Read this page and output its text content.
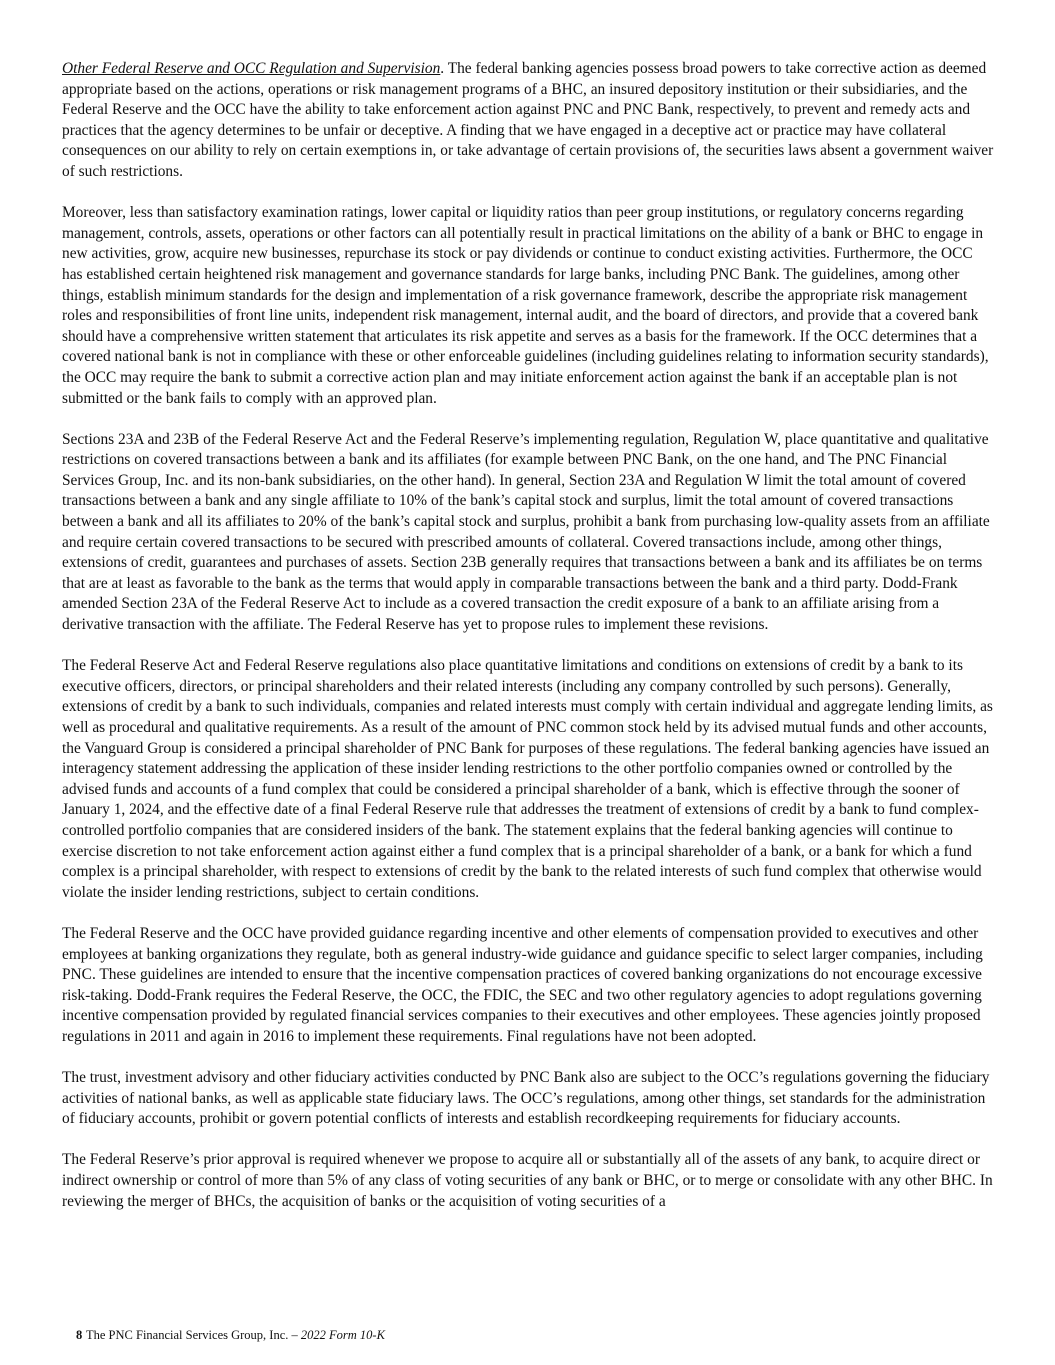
Other Federal Reserve and OCC Regulation and Supervision. The federal banking agencies possess broad powers to take corrective action as deemed appropriate based on the actions, operations or risk management programs of a BHC, an insured depository institution or their subsidiaries, and the Federal Reserve and the OCC have the ability to take enforcement action against PNC and PNC Bank, respectively, to prevent and remedy acts and practices that the agency determines to be unfair or deceptive. A finding that we have engaged in a deceptive act or practice may have collateral consequences on our ability to rely on certain exemptions in, or take advantage of certain provisions of, the securities laws absent a government waiver of such restrictions.

Moreover, less than satisfactory examination ratings, lower capital or liquidity ratios than peer group institutions, or regulatory concerns regarding management, controls, assets, operations or other factors can all potentially result in practical limitations on the ability of a bank or BHC to engage in new activities, grow, acquire new businesses, repurchase its stock or pay dividends or continue to conduct existing activities. Furthermore, the OCC has established certain heightened risk management and governance standards for large banks, including PNC Bank. The guidelines, among other things, establish minimum standards for the design and implementation of a risk governance framework, describe the appropriate risk management roles and responsibilities of front line units, independent risk management, internal audit, and the board of directors, and provide that a covered bank should have a comprehensive written statement that articulates its risk appetite and serves as a basis for the framework. If the OCC determines that a covered national bank is not in compliance with these or other enforceable guidelines (including guidelines relating to information security standards), the OCC may require the bank to submit a corrective action plan and may initiate enforcement action against the bank if an acceptable plan is not submitted or the bank fails to comply with an approved plan.

Sections 23A and 23B of the Federal Reserve Act and the Federal Reserve’s implementing regulation, Regulation W, place quantitative and qualitative restrictions on covered transactions between a bank and its affiliates (for example between PNC Bank, on the one hand, and The PNC Financial Services Group, Inc. and its non-bank subsidiaries, on the other hand). In general, Section 23A and Regulation W limit the total amount of covered transactions between a bank and any single affiliate to 10% of the bank’s capital stock and surplus, limit the total amount of covered transactions between a bank and all its affiliates to 20% of the bank’s capital stock and surplus, prohibit a bank from purchasing low-quality assets from an affiliate and require certain covered transactions to be secured with prescribed amounts of collateral. Covered transactions include, among other things, extensions of credit, guarantees and purchases of assets. Section 23B generally requires that transactions between a bank and its affiliates be on terms that are at least as favorable to the bank as the terms that would apply in comparable transactions between the bank and a third party. Dodd-Frank amended Section 23A of the Federal Reserve Act to include as a covered transaction the credit exposure of a bank to an affiliate arising from a derivative transaction with the affiliate. The Federal Reserve has yet to propose rules to implement these revisions.

The Federal Reserve Act and Federal Reserve regulations also place quantitative limitations and conditions on extensions of credit by a bank to its executive officers, directors, or principal shareholders and their related interests (including any company controlled by such persons). Generally, extensions of credit by a bank to such individuals, companies and related interests must comply with certain individual and aggregate lending limits, as well as procedural and qualitative requirements. As a result of the amount of PNC common stock held by its advised mutual funds and other accounts, the Vanguard Group is considered a principal shareholder of PNC Bank for purposes of these regulations. The federal banking agencies have issued an interagency statement addressing the application of these insider lending restrictions to the other portfolio companies owned or controlled by the advised funds and accounts of a fund complex that could be considered a principal shareholder of a bank, which is effective through the sooner of January 1, 2024, and the effective date of a final Federal Reserve rule that addresses the treatment of extensions of credit by a bank to fund complex-controlled portfolio companies that are considered insiders of the bank. The statement explains that the federal banking agencies will continue to exercise discretion to not take enforcement action against either a fund complex that is a principal shareholder of a bank, or a bank for which a fund complex is a principal shareholder, with respect to extensions of credit by the bank to the related interests of such fund complex that otherwise would violate the insider lending restrictions, subject to certain conditions.

The Federal Reserve and the OCC have provided guidance regarding incentive and other elements of compensation provided to executives and other employees at banking organizations they regulate, both as general industry-wide guidance and guidance specific to select larger companies, including PNC. These guidelines are intended to ensure that the incentive compensation practices of covered banking organizations do not encourage excessive risk-taking. Dodd-Frank requires the Federal Reserve, the OCC, the FDIC, the SEC and two other regulatory agencies to adopt regulations governing incentive compensation provided by regulated financial services companies to their executives and other employees. These agencies jointly proposed regulations in 2011 and again in 2016 to implement these requirements. Final regulations have not been adopted.

The trust, investment advisory and other fiduciary activities conducted by PNC Bank also are subject to the OCC’s regulations governing the fiduciary activities of national banks, as well as applicable state fiduciary laws. The OCC’s regulations, among other things, set standards for the administration of fiduciary accounts, prohibit or govern potential conflicts of interests and establish recordkeeping requirements for fiduciary accounts.

The Federal Reserve’s prior approval is required whenever we propose to acquire all or substantially all of the assets of any bank, to acquire direct or indirect ownership or control of more than 5% of any class of voting securities of any bank or BHC, or to merge or consolidate with any other BHC. In reviewing the merger of BHCs, the acquisition of banks or the acquisition of voting securities of a

8 The PNC Financial Services Group, Inc. – 2022 Form 10-K
